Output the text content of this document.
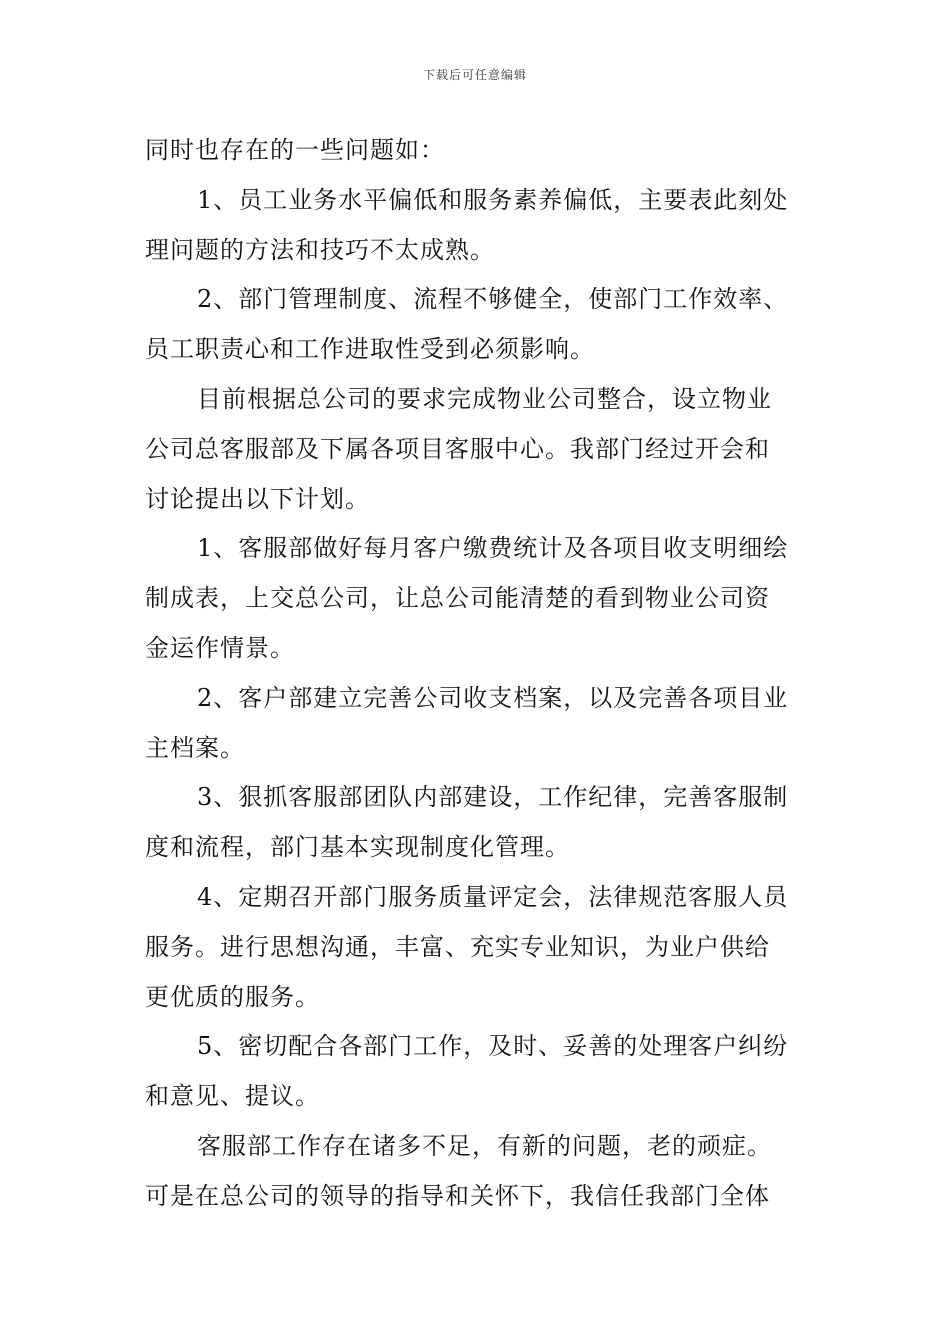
下载后可任意编辑
同时也存在的一些问题如：
1、员工业务水平偏低和服务素养偏低，主要表此刻处
理问题的方法和技巧不太成熟。
2、部门管理制度、流程不够健全，使部门工作效率、
员工职责心和工作进取性受到必须影响。
目前根据总公司的要求完成物业公司整合，设立物业
公司总客服部及下属各项目客服中心。我部门经过开会和
讨论提出以下计划。
1、客服部做好每月客户缴费统计及各项目收支明细绘
制成表，上交总公司，让总公司能清楚的看到物业公司资
金运作情景。
2、客户部建立完善公司收支档案，以及完善各项目业
主档案。
3、狠抓客服部团队内部建设，工作纪律，完善客服制
度和流程，部门基本实现制度化管理。
4、定期召开部门服务质量评定会，法律规范客服人员
服务。进行思想沟通，丰富、充实专业知识，为业户供给
更优质的服务。
5、密切配合各部门工作，及时、妥善的处理客户纠纷
和意见、提议。
客服部工作存在诸多不足，有新的问题，老的顽症。
可是在总公司的领导的指导和关怀下，我信任我部门全体
